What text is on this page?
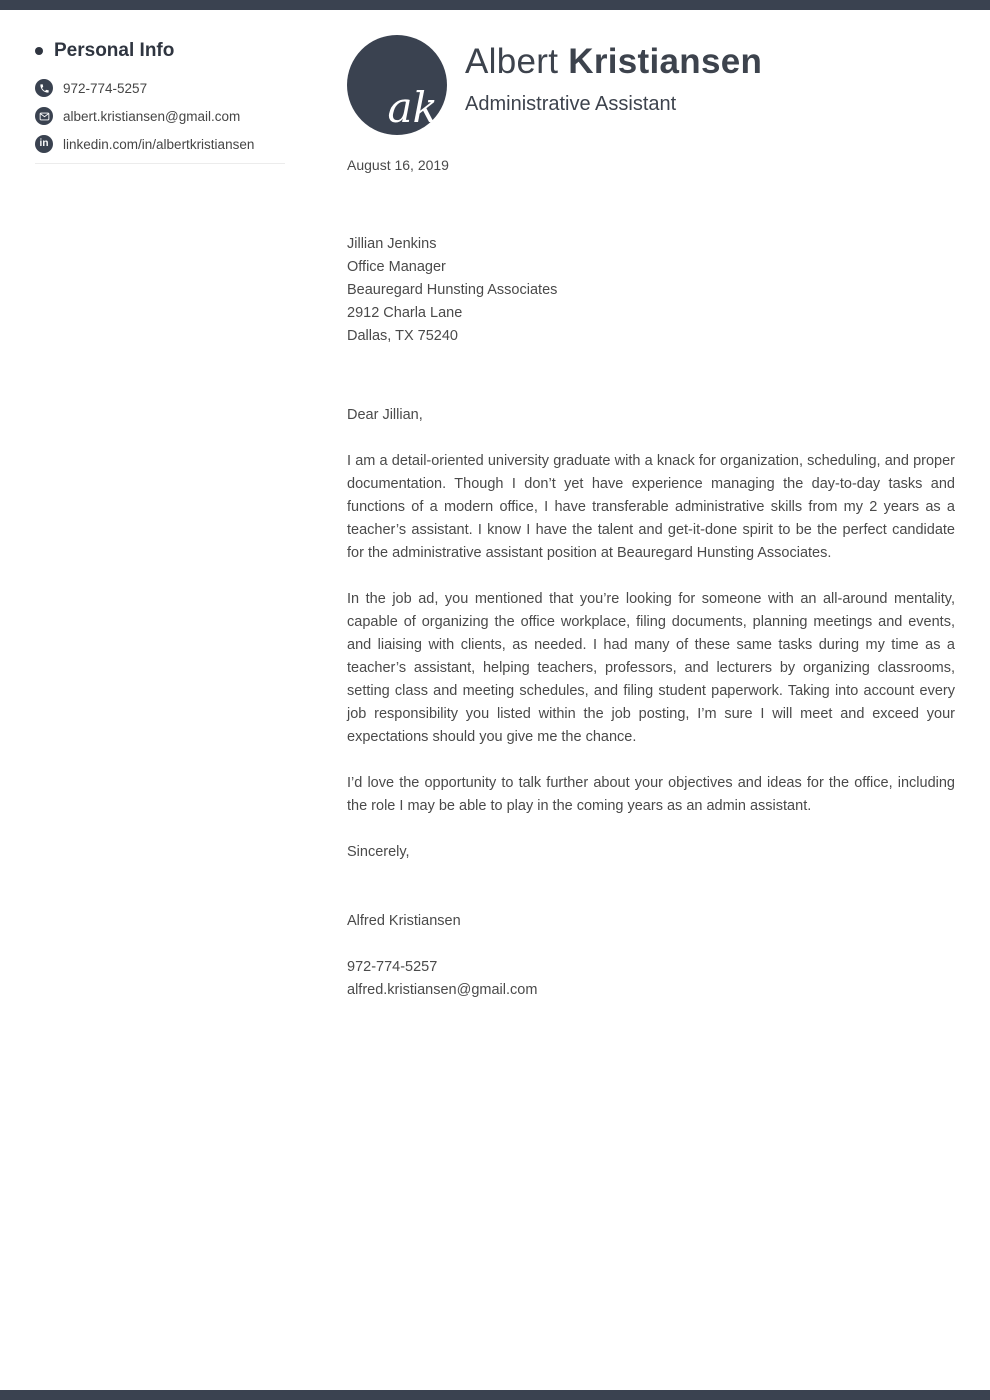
Personal Info
972-774-5257
albert.kristiansen@gmail.com
in linkedin.com/in/albertkristiansen
ak
Albert Kristiansen
Administrative Assistant
August 16, 2019
Jillian Jenkins
Office Manager
Beauregard Hunsting Associates
2912 Charla Lane
Dallas, TX 75240

Dear Jillian,

I am a detail-oriented university graduate with a knack for organization, scheduling, and proper documentation. Though I don’t yet have experience managing the day-to-day tasks and functions of a modern office, I have transferable administrative skills from my 2 years as a teacher’s assistant. I know I have the talent and get-it-done spirit to be the perfect candidate for the administrative assistant position at Beauregard Hunsting Associates.

In the job ad, you mentioned that you’re looking for someone with an all-around mentality, capable of organizing the office workplace, filing documents, planning meetings and events, and liaising with clients, as needed. I had many of these same tasks during my time as a teacher’s assistant, helping teachers, professors, and lecturers by organizing classrooms, setting class and meeting schedules, and filing student paperwork. Taking into account every job responsibility you listed within the job posting, I’m sure I will meet and exceed your expectations should you give me the chance.

I’d love the opportunity to talk further about your objectives and ideas for the office, including the role I may be able to play in the coming years as an admin assistant.

Sincerely,

Alfred Kristiansen

972-774-5257

alfred.kristiansen@gmail.com
